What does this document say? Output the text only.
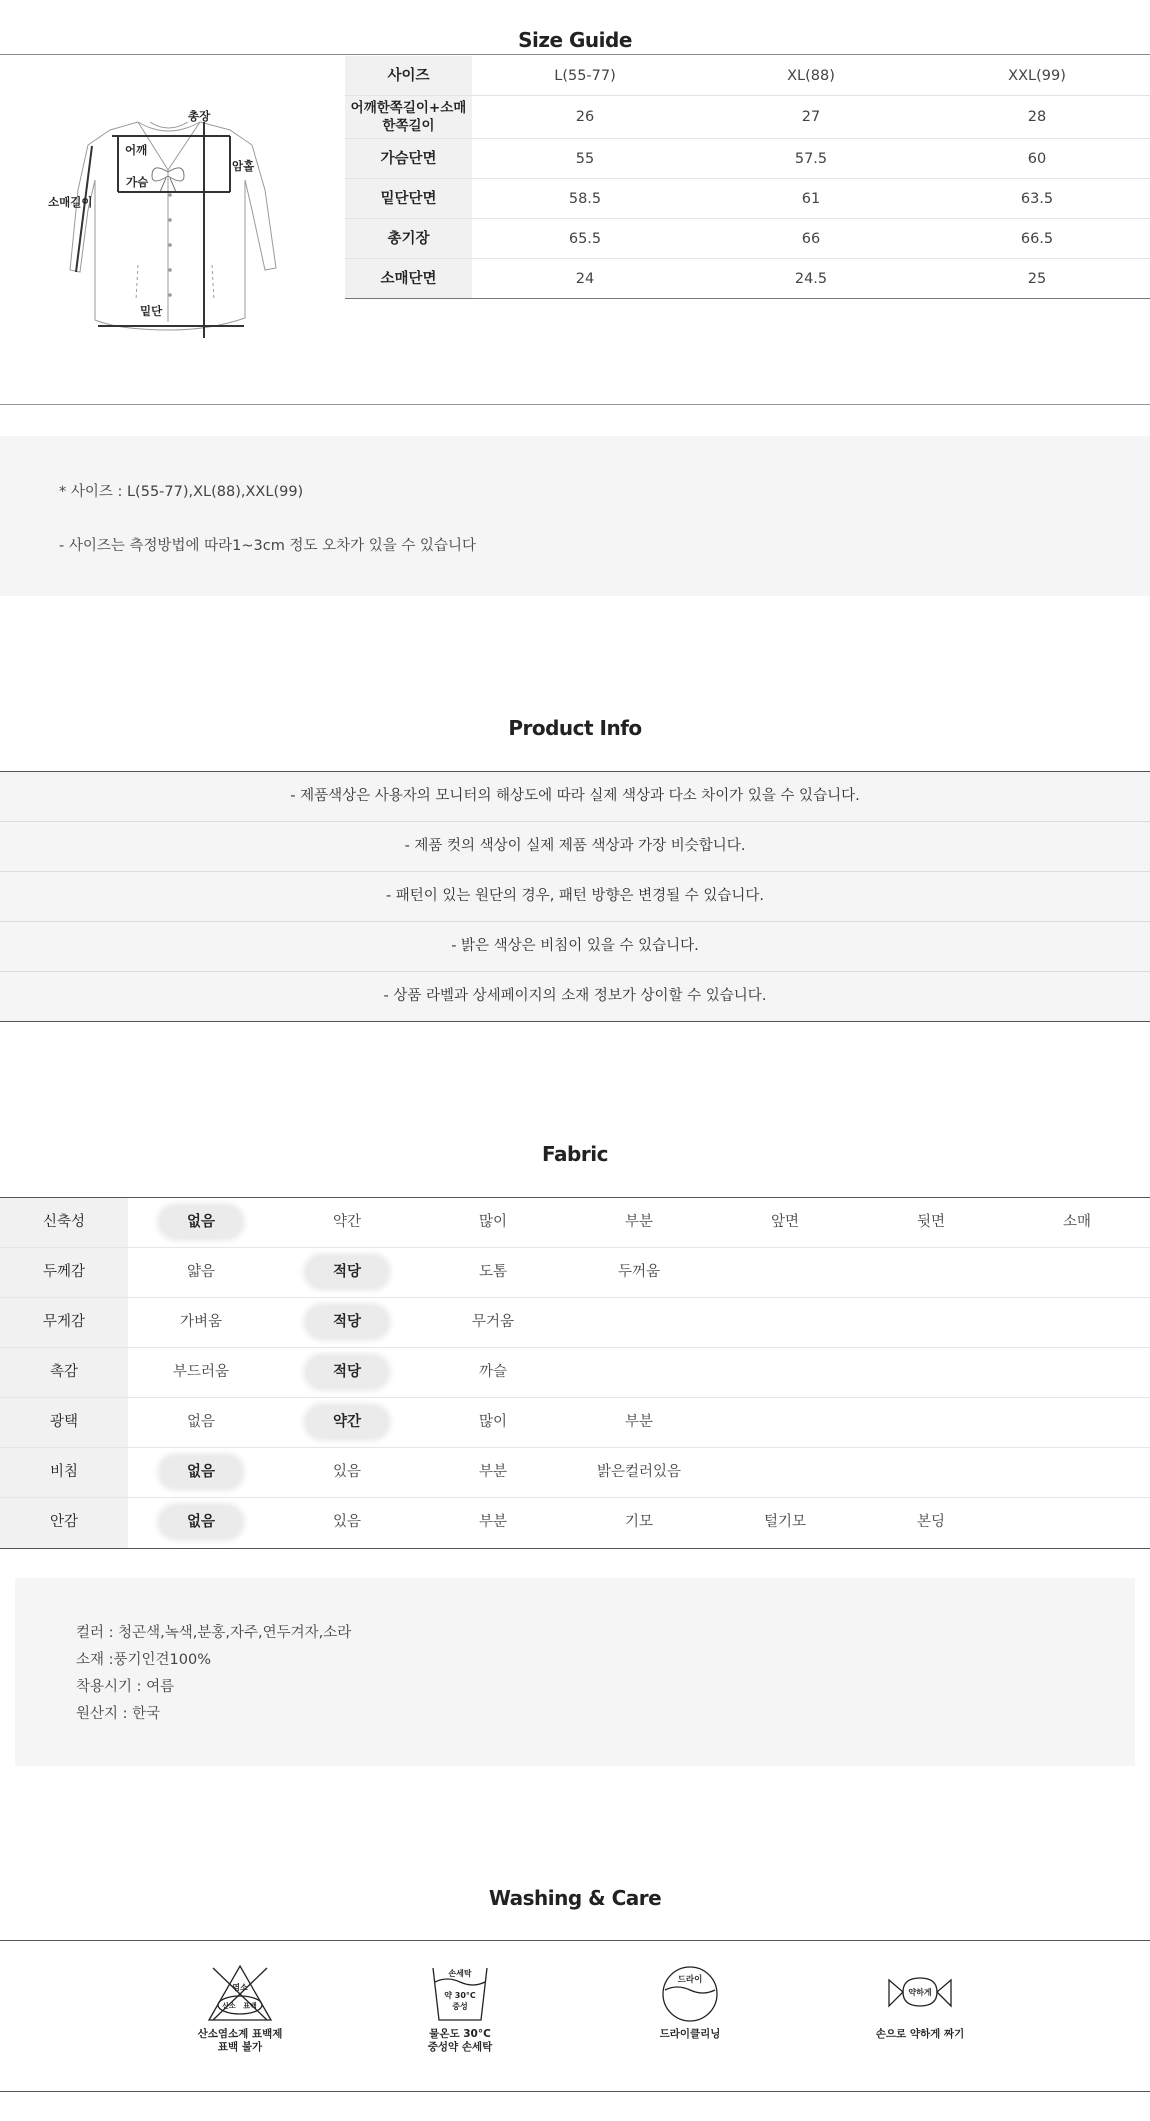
Size Guide
총장
어깨
가슴
암홀
소매길이
밑단
사이즈	L(55-77)	XL(88)	XXL(99)
어깨한쪽길이+소매
한쪽길이	26	27	28
가슴단면	55	57.5	60
밑단단면	58.5	61	63.5
총기장	65.5	66	66.5
소매단면	24	24.5	25
* 사이즈 : L(55-77),XL(88),XXL(99)
- 사이즈는 측정방법에 따라1~3cm 정도 오차가 있을 수 있습니다
Product Info
- 제품색상은 사용자의 모니터의 해상도에 따라 실제 색상과 다소 차이가 있을 수 있습니다.
- 제품 컷의 색상이 실제 제품 색상과 가장 비슷합니다.
- 패턴이 있는 원단의 경우, 패턴 방향은 변경될 수 있습니다.
- 밝은 색상은 비침이 있을 수 있습니다.
- 상품 라벨과 상세페이지의 소재 정보가 상이할 수 있습니다.
Fabric
신축성	없음	약간	많이	부분	앞면	뒷면	소매
두께감	얇음	적당	도톰	두꺼움
무게감	가벼움	적당	무거움
촉감	부드러움	적당	까슬
광택	없음	약간	많이	부분
비침	없음	있음	부분	밝은컬러있음
안감	없음	있음	부분	기모	털기모	본딩
컬러 : 청곤색,녹색,분홍,자주,연두겨자,소라
소재 :풍기인견100%
착용시기 : 여름
원산지 : 한국
Washing & Care
염소
산소 표백
산소염소계 표백제
표백 불가
손세탁
약 30°C
중성
물온도 30°C
중성약 손세탁
드라이
드라이클리닝
약하게
손으로 약하게 짜기
